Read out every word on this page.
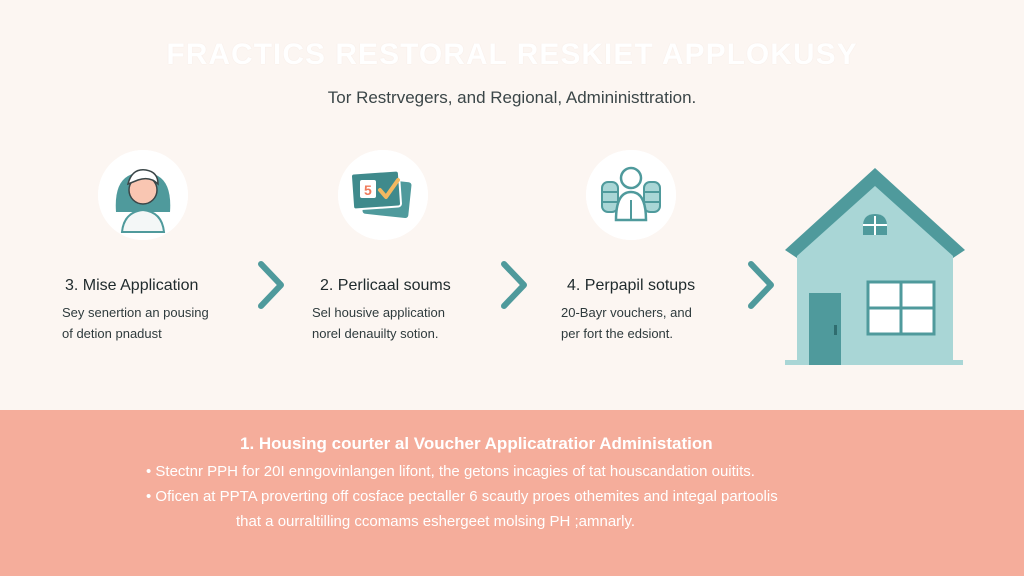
FRACTICS RESTORAL RESKIET APPLOKUSY
Tor Restrvegers, and Regional, Admininisttration.
3. Mise Application
Sey senertion an pousing
of detion pnadust
5
2. Perlicaal soums
Sel housive application
norel denauilty sotion.
4. Perpapil sotups
20-Bayr vouchers, and
per fort the edsiont.
1. Housing courter al Voucher Applicatratior Administation
• Stectnr PPH for 20I enngovinlangen lifont, the getons incagies of tat houscandation ouitits.
• Oficen at PPTA proverting off cosface pectaller 6 scautly proes othemites and integal partoolis
that a ourraltilling ccomams eshergeet molsing PH ;amnarly.
